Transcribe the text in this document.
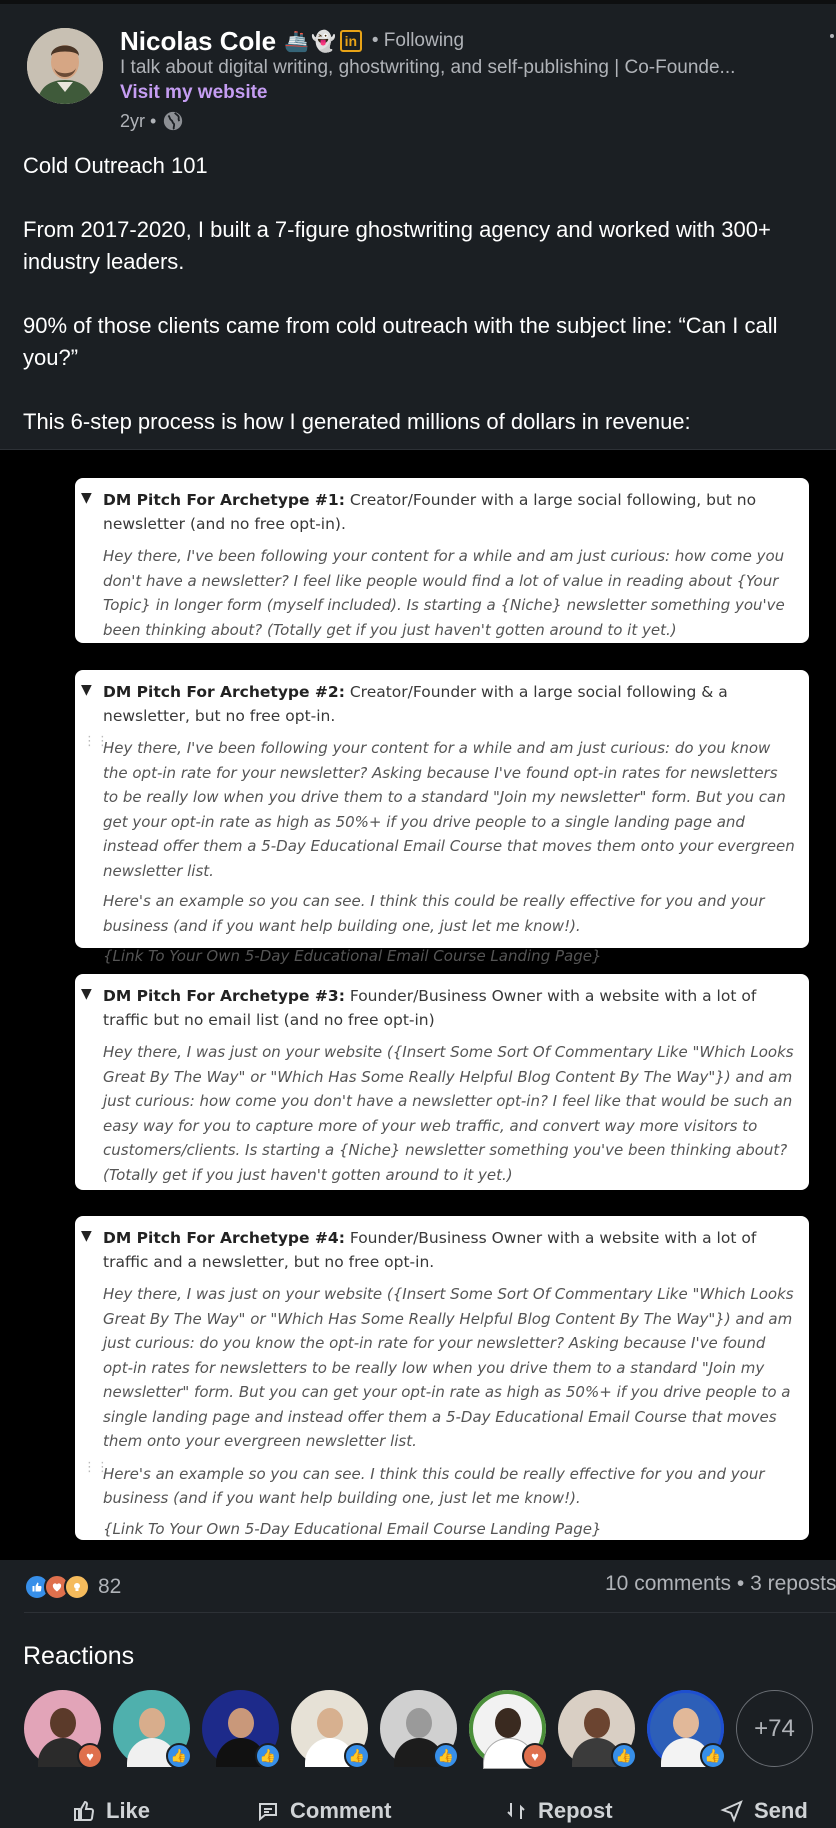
Nicolas Cole 🚢 👻 in • Following
I talk about digital writing, ghostwriting, and self-publishing | Co-Founde...
Visit my website
2yr •

Cold Outreach 101

From 2017-2020, I built a 7-figure ghostwriting agency and worked with 300+ industry leaders.

90% of those clients came from cold outreach with the subject line: “Can I call you?”

This 6-step process is how I generated millions of dollars in revenue:

▼ DM Pitch For Archetype #1: Creator/Founder with a large social following, but no newsletter (and no free opt-in).
Hey there, I've been following your content for a while and am just curious: how come you don't have a newsletter? I feel like people would find a lot of value in reading about {Your Topic} in longer form (myself included). Is starting a {Niche} newsletter something you've been thinking about? (Totally get if you just haven't gotten around to it yet.)
▼ DM Pitch For Archetype #2: Creator/Founder with a large social following & a newsletter, but no free opt-in.
⋮⋮
Hey there, I've been following your content for a while and am just curious: do you know the opt-in rate for your newsletter? Asking because I've found opt-in rates for newsletters to be really low when you drive them to a standard "Join my newsletter" form. But you can get your opt-in rate as high as 50%+ if you drive people to a single landing page and instead offer them a 5-Day Educational Email Course that moves them onto your evergreen newsletter list.
Here's an example so you can see. I think this could be really effective for you and your business (and if you want help building one, just let me know!).
{Link To Your Own 5-Day Educational Email Course Landing Page}
▼ DM Pitch For Archetype #3: Founder/Business Owner with a website with a lot of traffic but no email list (and no free opt-in)
Hey there, I was just on your website ({Insert Some Sort Of Commentary Like "Which Looks Great By The Way" or "Which Has Some Really Helpful Blog Content By The Way"}) and am just curious: how come you don't have a newsletter opt-in? I feel like that would be such an easy way for you to capture more of your web traffic, and convert way more visitors to customers/clients. Is starting a {Niche} newsletter something you've been thinking about? (Totally get if you just haven't gotten around to it yet.)
▼ DM Pitch For Archetype #4: Founder/Business Owner with a website with a lot of traffic and a newsletter, but no free opt-in.
Hey there, I was just on your website ({Insert Some Sort Of Commentary Like "Which Looks Great By The Way" or "Which Has Some Really Helpful Blog Content By The Way"}) and am just curious: do you know the opt-in rate for your newsletter? Asking because I've found opt-in rates for newsletters to be really low when you drive them to a standard "Join my newsletter" form. But you can get your opt-in rate as high as 50%+ if you drive people to a single landing page and instead offer them a 5-Day Educational Email Course that moves them onto your evergreen newsletter list.
⋮⋮
Here's an example so you can see. I think this could be really effective for you and your business (and if you want help building one, just let me know!).
{Link To Your Own 5-Day Educational Email Course Landing Page}
82	10 comments • 3 reposts
Reactions
♥	👍	👍	👍	👍	♥	👍	👍
+74
Like	Comment	Repost	Send
